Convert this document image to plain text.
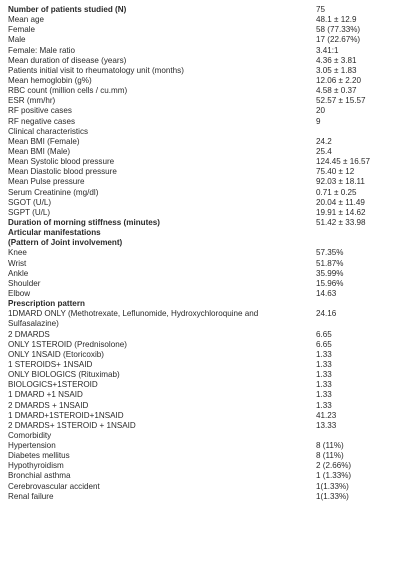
Number of patients studied (N)	75
Mean age	48.1 ± 12.9
Female	58 (77.33%)
Male	17 (22.67%)
Female: Male ratio	3.41:1
Mean duration of disease (years)	4.36 ± 3.81
Patients initial visit to rheumatology unit (months)	3.05 ± 1.83
Mean hemoglobin (g%)	12.06 ± 2.20
RBC count (million cells / cu.mm)	4.58 ± 0.37
ESR (mm/hr)	52.57 ± 15.57
RF positive cases	20
RF negative cases	9
Clinical characteristics
Mean BMI (Female)	24.2
Mean BMI (Male)	25.4
Mean Systolic blood pressure	124.45 ± 16.57
Mean Diastolic blood pressure	75.40 ± 12
Mean Pulse pressure	92.03 ± 18.11
Serum Creatinine (mg/dl)	0.71 ± 0.25
SGOT (U/L)	20.04 ± 11.49
SGPT (U/L)	19.91 ± 14.62
Duration of morning stiffness (minutes)	51.42 ± 33.98
Articular manifestations
(Pattern of Joint involvement)
Knee	57.35%
Wrist	51.87%
Ankle	35.99%
Shoulder	15.96%
Elbow	14.63
Prescription pattern
1DMARD ONLY (Methotrexate, Leflunomide, Hydroxychloroquine and Sulfasalazine)
24.16
2 DMARDS	6.65
ONLY 1STEROID (Prednisolone)	6.65
ONLY 1NSAID (Etoricoxib)	1.33
1 STEROIDS+ 1NSAID	1.33
ONLY BIOLOGICS (Rituximab)	1.33
BIOLOGICS+1STEROID	1.33
1 DMARD +1 NSAID	1.33
2 DMARDS + 1NSAID	1.33
1 DMARD+1STEROID+1NSAID	41.23
2 DMARDS+ 1STEROID + 1NSAID	13.33
Comorbidity
Hypertension	8 (11%)
Diabetes mellitus	8 (11%)
Hypothyroidism	2 (2.66%)
Bronchial asthma	1 (1.33%)
Cerebrovascular accident	1(1.33%)
Renal failure	1(1.33%)
